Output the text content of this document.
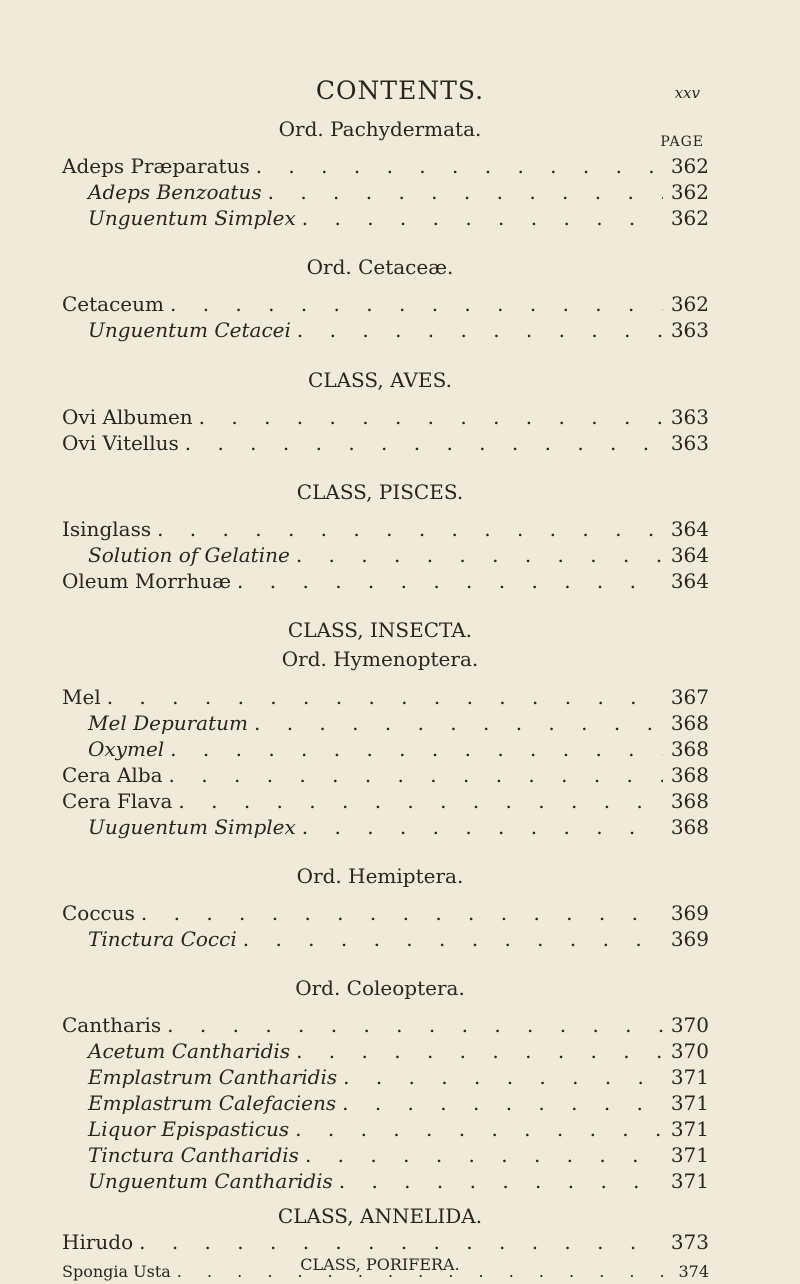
CONTENTS.	xxv
Ord. Pachydermata.
PAGE
Adeps Præparatus . . .	362
Adeps Benzoatus . . .	362
Unguentum Simplex . . .	362
Ord. Cetaceæ.
Cetaceum . . .	362
Unguentum Cetacei . . .	363
CLASS, AVES.
Ovi Albumen . . .	363
Ovi Vitellus . . .	363
CLASS, PISCES.
Isinglass . . .	364
Solution of Gelatine . . .	364
Oleum Morrhuæ . . .	364
CLASS, INSECTA.
Ord. Hymenoptera.
Mel . . .	367
Mel Depuratum . . .	368
Oxymel . . .	368
Cera Alba . . .	368
Cera Flava . . .	368
Uuguentum Simplex . . .	368
Ord. Hemiptera.
Coccus . . .	369
Tinctura Cocci . . .	369
Ord. Coleoptera.
Cantharis . . .	370
Acetum Cantharidis . . .	370
Emplastrum Cantharidis . . .	371
Emplastrum Calefaciens . . .	371
Liquor Epispasticus . . .	371
Tinctura Cantharidis . . .	371
Unguentum Cantharidis . . .	371
CLASS, ANNELIDA.
Hirudo . . .	373
CLASS, PORIFERA.
Spongia Usta . . .	374
